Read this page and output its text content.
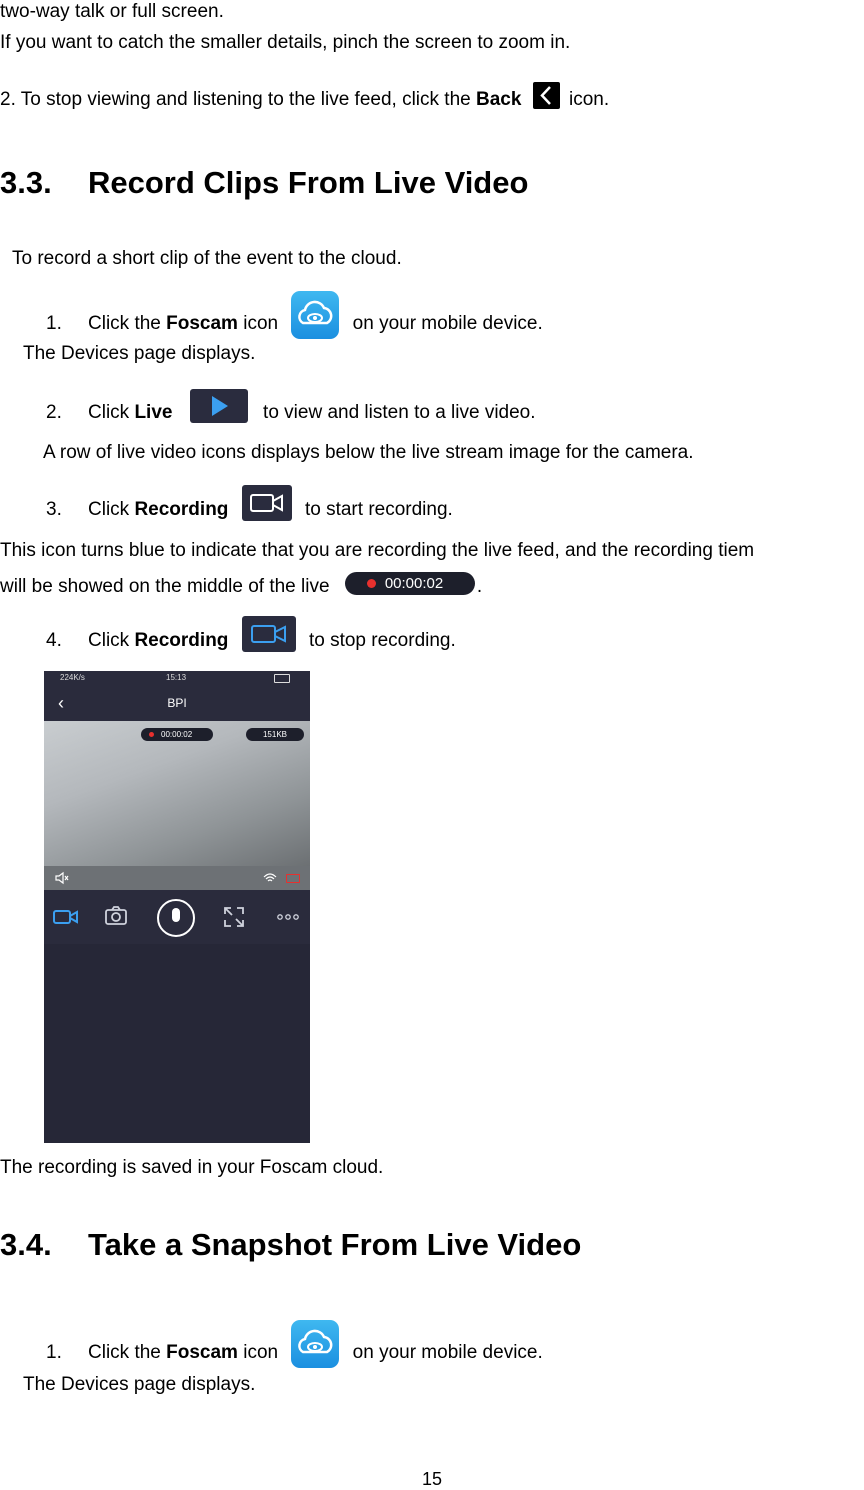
two-way talk or full screen.
If you want to catch the smaller details, pinch the screen to zoom in.
2. To stop viewing and listening to the live feed, click the Back  icon.
3.3. Record Clips From Live Video
To record a short clip of the event to the cloud.
1. Click the Foscam icon	on your mobile device.
The Devices page displays.
2. Click Live	to view and listen to a live video.
A row of live video icons displays below the live stream image for the camera.
3. Click Recording	to start recording.
This icon turns blue to indicate that you are recording the live feed, and the recording tiem
will be showed on the middle of the live	00:00:02 .
4. Click Recording	to stop recording.
224K/s	15:13
‹	BPI
00:00:02	151KB
The recording is saved in your Foscam cloud.
3.4. Take a Snapshot From Live Video
1. Click the Foscam icon	on your mobile device.
The Devices page displays.
15
